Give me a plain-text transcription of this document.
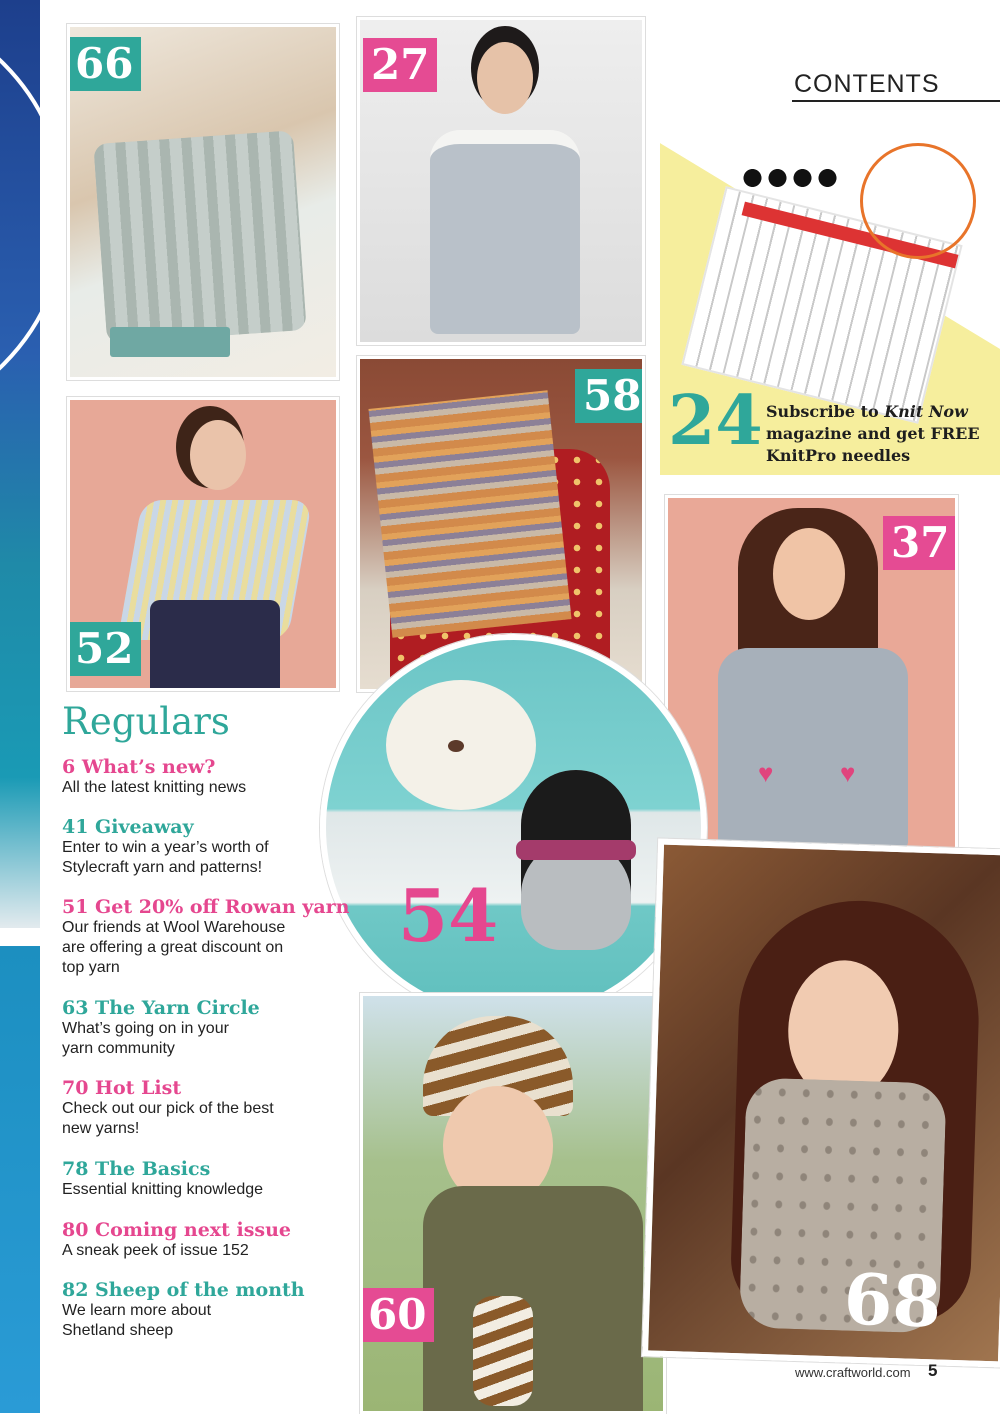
66	27	CONTENTS
24 Subscribe to Knit Now
magazine and get FREE
KnitPro needles
58
52
♥	♥
37
54
60	68
Regulars
6 What’s new?
All the latest knitting news
41 Giveaway
Enter to win a year’s worth of
Stylecraft yarn and patterns!
51 Get 20% off Rowan yarn
Our friends at Wool Warehouse
are offering a great discount on
top yarn
63 The Yarn Circle
What’s going on in your
yarn community
70 Hot List
Check out our pick of the best
new yarns!
78 The Basics
Essential knitting knowledge
80 Coming next issue
A sneak peek of issue 152
82 Sheep of the month
We learn more about
Shetland sheep
www.craftworld.com 5
